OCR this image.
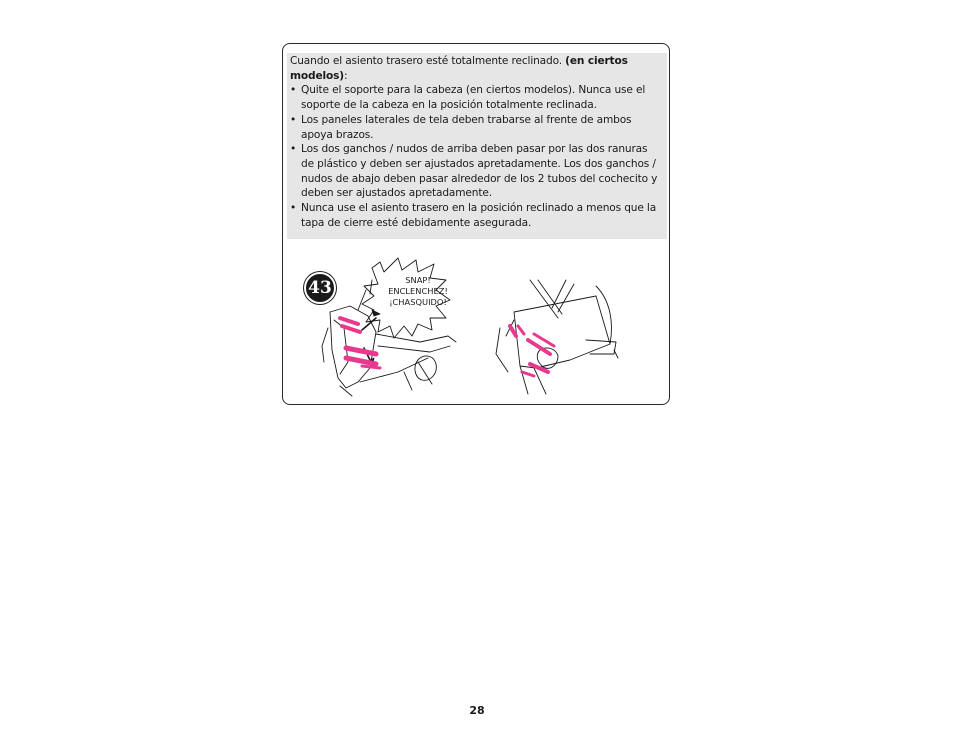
Cuando el asiento trasero esté totalmente reclinado. (en ciertos modelos):

• Quite el soporte para la cabeza (en ciertos modelos). Nunca use el soporte de la cabeza en la posición totalmente reclinada.
• Los paneles laterales de tela deben trabarse al frente de ambos apoya brazos.
• Los dos ganchos / nudos de arriba deben pasar por las dos ranuras de plástico y deben ser ajustados apretadamente. Los dos ganchos / nudos de abajo deben pasar alrededor de los 2 tubos del cochecito y deben ser ajustados apretadamente.
• Nunca use el asiento trasero en la posición reclinado a menos que la tapa de cierre esté debidamente asegurada.
43	SNAP!
ENCLENCHEZ!
¡CHASQUIDO!
28
